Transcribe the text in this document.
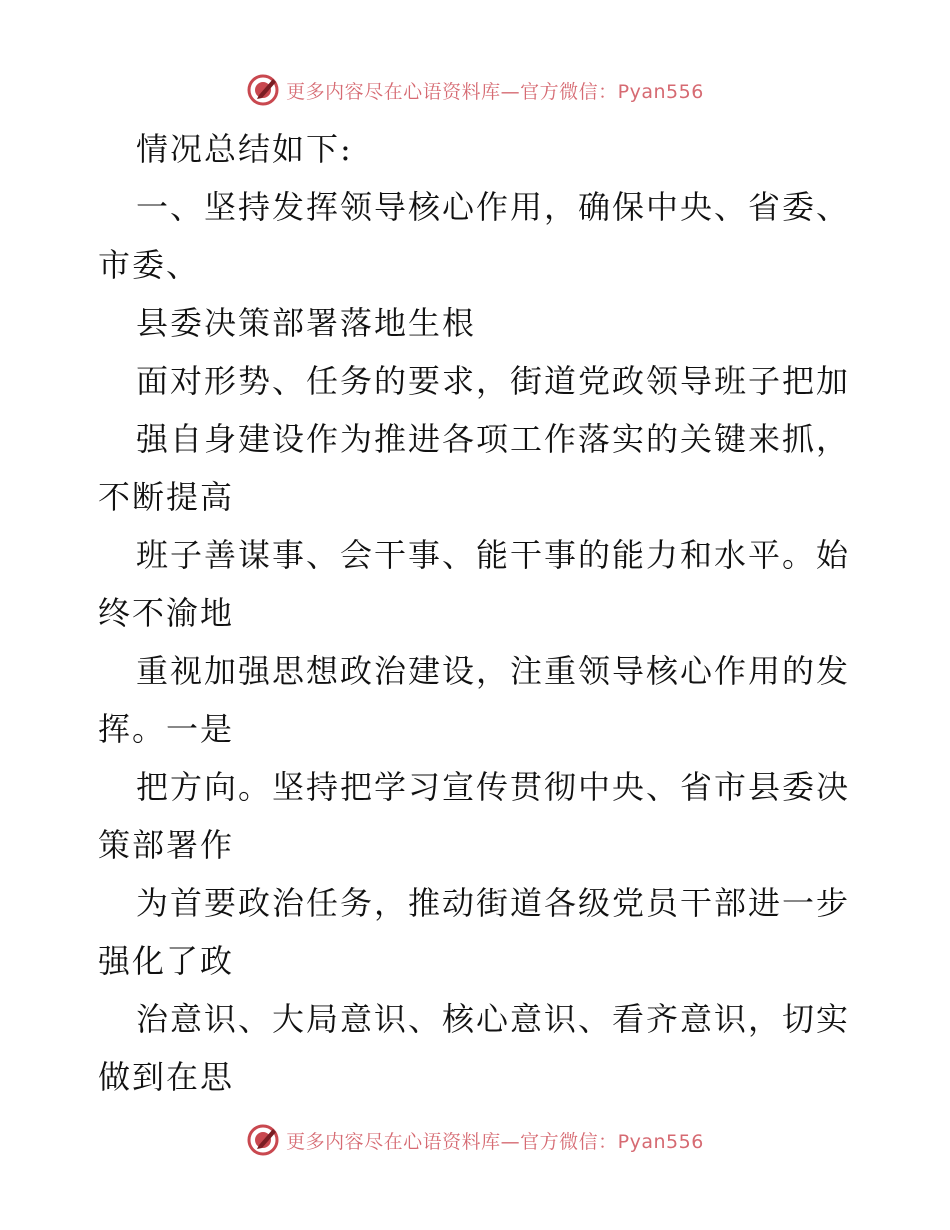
更多内容尽在心语资料库—官方微信：Pyan556
情况总结如下:
一、坚持发挥领导核心作用，确保中央、省委、
市委、
县委决策部署落地生根
面对形势、任务的要求，街道党政领导班子把加
强自身建设作为推进各项工作落实的关键来抓，
不断提高
班子善谋事、会干事、能干事的能力和水平。始
终不渝地
重视加强思想政治建设，注重领导核心作用的发
挥。一是
把方向。坚持把学习宣传贯彻中央、省市县委决
策部署作
为首要政治任务，推动街道各级党员干部进一步
强化了政
治意识、大局意识、核心意识、看齐意识，切实
做到在思
更多内容尽在心语资料库—官方微信：Pyan556
